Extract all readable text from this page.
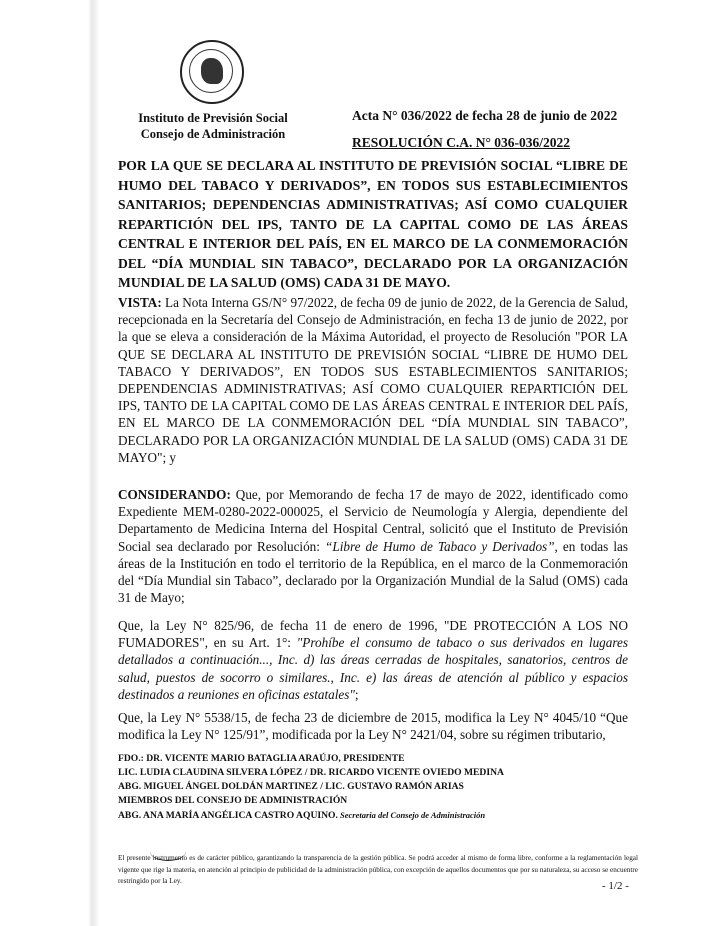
Instituto de Previsión Social
Consejo de Administración
Acta N° 036/2022 de fecha 28 de junio de 2022
RESOLUCIÓN C.A. N° 036-036/2022
POR LA QUE SE DECLARA AL INSTITUTO DE PREVISIÓN SOCIAL “LIBRE DE HUMO DEL TABACO Y DERIVADOS”, EN TODOS SUS ESTABLECIMIENTOS SANITARIOS; DEPENDENCIAS ADMINISTRATIVAS; ASÍ COMO CUALQUIER REPARTICIÓN DEL IPS, TANTO DE LA CAPITAL COMO DE LAS ÁREAS CENTRAL E INTERIOR DEL PAÍS, EN EL MARCO DE LA CONMEMORACIÓN DEL “DÍA MUNDIAL SIN TABACO”, DECLARADO POR LA ORGANIZACIÓN MUNDIAL DE LA SALUD (OMS) CADA 31 DE MAYO.
VISTA: La Nota Interna GS/N° 97/2022, de fecha 09 de junio de 2022, de la Gerencia de Salud, recepcionada en la Secretaría del Consejo de Administración, en fecha 13 de junio de 2022, por la que se eleva a consideración de la Máxima Autoridad, el proyecto de Resolución "POR LA QUE SE DECLARA AL INSTITUTO DE PREVISIÓN SOCIAL “LIBRE DE HUMO DEL TABACO Y DERIVADOS”, EN TODOS SUS ESTABLECIMIENTOS SANITARIOS; DEPENDENCIAS ADMINISTRATIVAS; ASÍ COMO CUALQUIER REPARTICIÓN DEL IPS, TANTO DE LA CAPITAL COMO DE LAS ÁREAS CENTRAL E INTERIOR DEL PAÍS, EN EL MARCO DE LA CONMEMORACIÓN DEL “DÍA MUNDIAL SIN TABACO”, DECLARADO POR LA ORGANIZACIÓN MUNDIAL DE LA SALUD (OMS) CADA 31 DE MAYO"; y
CONSIDERANDO: Que, por Memorando de fecha 17 de mayo de 2022, identificado como Expediente MEM-0280-2022-000025, el Servicio de Neumología y Alergia, dependiente del Departamento de Medicina Interna del Hospital Central, solicitó que el Instituto de Previsión Social sea declarado por Resolución: “Libre de Humo de Tabaco y Derivados”, en todas las áreas de la Institución en todo el territorio de la República, en el marco de la Conmemoración del “Día Mundial sin Tabaco”, declarado por la Organización Mundial de la Salud (OMS) cada 31 de Mayo;
Que, la Ley N° 825/96, de fecha 11 de enero de 1996, "DE PROTECCIÓN A LOS NO FUMADORES", en su Art. 1°: "Prohíbe el consumo de tabaco o sus derivados en lugares detallados a continuación..., Inc. d) las áreas cerradas de hospitales, sanatorios, centros de salud, puestos de socorro o similares., Inc. e) las áreas de atención al público y espacios destinados a reuniones en oficinas estatales";
Que, la Ley N° 5538/15, de fecha 23 de diciembre de 2015, modifica la Ley N° 4045/10 “Que modifica la Ley N° 125/91”, modificada por la Ley N° 2421/04, sobre su régimen tributario,
FDO.: DR. VICENTE MARIO BATAGLIA ARAÚJO, PRESIDENTE
LIC. LUDIA CLAUDINA SILVERA LÓPEZ / DR. RICARDO VICENTE OVIEDO MEDINA
ABG. MIGUEL ÁNGEL DOLDÁN MARTINEZ / LIC. GUSTAVO RAMÓN ARIAS
MIEMBROS DEL CONSEJO DE ADMINISTRACIÓN
ABG. ANA MARÍA ANGÉLICA CASTRO AQUINO. Secretaria del Consejo de Administración
El presente instrumento es de carácter público, garantizando la transparencia de la gestión pública. Se podrá acceder al mismo de forma libre, conforme a la reglamentación legal vigente que rige la materia, en atención al principio de publicidad de la administración pública, con excepción de aquellos documentos que por su naturaleza, su acceso se encuentre restringido por la Ley.	- 1/2 -
